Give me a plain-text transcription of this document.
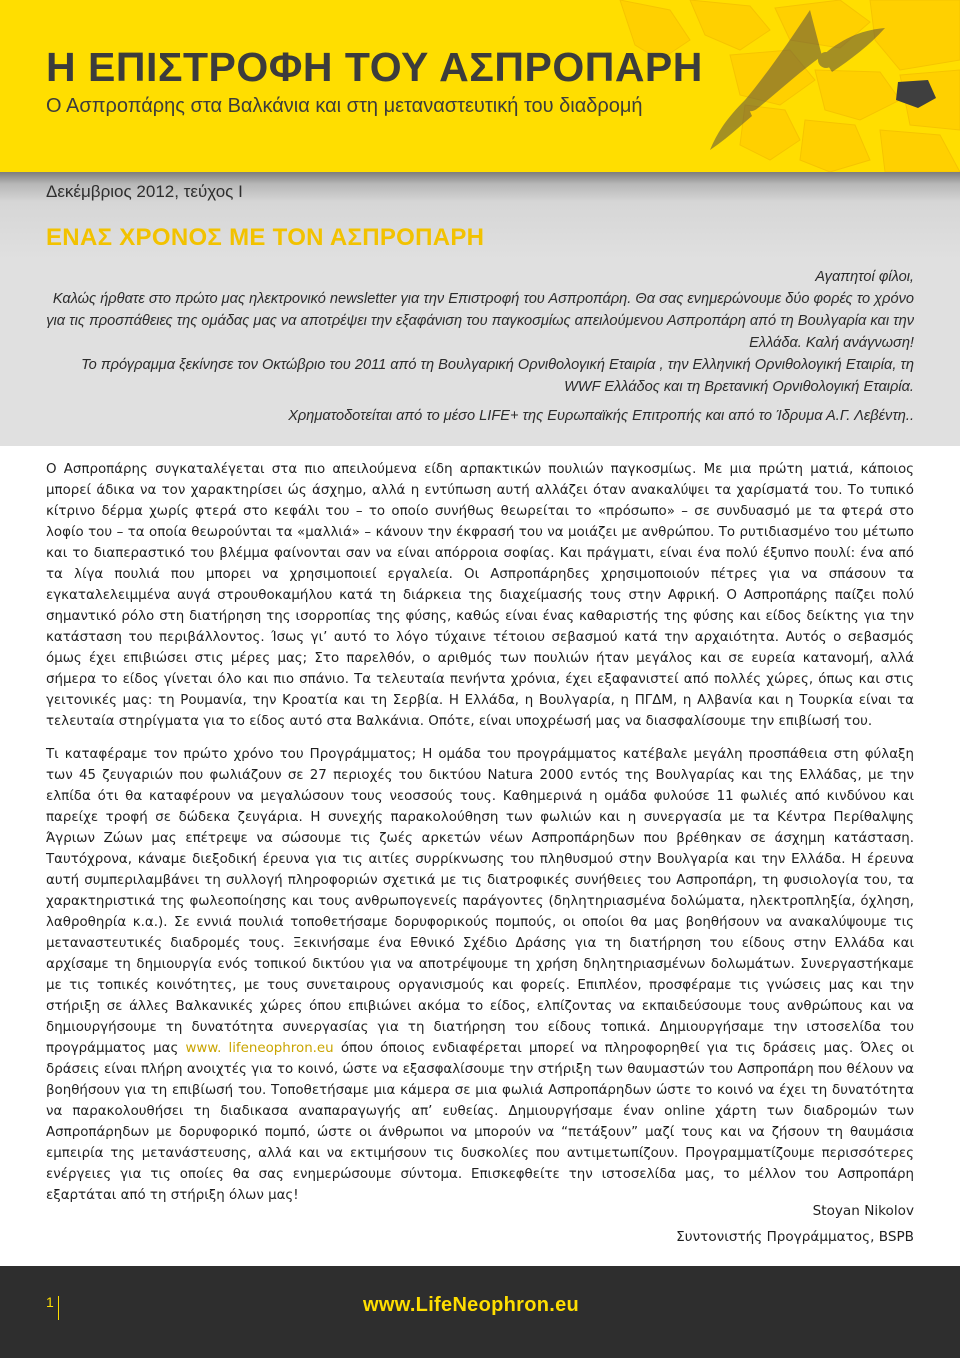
Η ΕΠΙΣΤΡΟΦΗ ΤΟΥ ΑΣΠΡΟΠΑΡΗ

Ο Ασπροπάρης στα Βαλκάνια και στη μεταναστευτική του διαδρομή

Δεκέμβριος 2012, τεύχος I

ΕΝΑΣ ΧΡΟΝΟΣ ΜΕ ΤΟΝ ΑΣΠΡΟΠΑΡΗ

Αγαπητοί φίλοι,

Καλώς ήρθατε στο πρώτο μας ηλεκτρονικό newsletter για την Επιστροφή του Ασπροπάρη. Θα σας ενημερώνουμε δύο φορές το χρόνο για τις προσπάθειες της ομάδας μας να αποτρέψει την εξαφάνιση του παγκοσμίως απειλούμενου Ασπροπάρη από τη Βουλγαρία και την Ελλάδα. Καλή ανάγνωση!

Το πρόγραμμα ξεκίνησε τον Οκτώβριο του 2011 από τη Βουλγαρική Ορνιθολογική Εταιρία , την Ελληνική Ορνιθολογική Εταιρία, τη WWF Ελλάδος και τη Βρετανική Ορνιθολογική Εταιρία.

Χρηματοδοτείται από το μέσο LIFE+ της Ευρωπαϊκής Επιτροπής και από το Ίδρυμα Α.Γ. Λεβέντη..

Ο Ασπροπάρης συγκαταλέγεται στα πιο απειλούμενα είδη αρπακτικών πουλιών παγκοσμίως. Με μια πρώτη ματιά, κάποιος μπορεί άδικα να τον χαρακτηρίσει ώς άσχημο, αλλά η εντύπωση αυτή αλλάζει όταν ανακαλύψει τα χαρίσματά του. Το τυπικό κίτρινο δέρμα χωρίς φτερά στο κεφάλι του – το οποίο συνήθως θεωρείται το «πρόσωπο» – σε συνδυασμό με τα φτερά στο λοφίο του – τα οποία θεωρούνται τα «μαλλιά» – κάνουν την έκφρασή του να μοιάζει με ανθρώπου. Το ρυτιδιασμένο του μέτωπο και το διαπεραστικό του βλέμμα φαίνονται σαν να είναι απόρροια σοφίας. Και πράγματι, είναι ένα πολύ έξυπνο πουλί: ένα από τα λίγα πουλιά που μπορει να χρησιμοποιεί εργαλεία. Οι Ασπροπάρηδες χρησιμοποιούν πέτρες για να σπάσουν τα εγκαταλελειμμένα αυγά στρουθοκαμήλου κατά τη διάρκεια της διαχείμασής τους στην Αφρική. Ο Ασπροπάρης παίζει πολύ σημαντικό ρόλο στη διατήρηση της ισορροπίας της φύσης, καθώς είναι ένας καθαριστής της φύσης και είδος δείκτης για την κατάσταση του περιβάλλοντος. Ίσως γι’ αυτό το λόγο τύχαινε τέτοιου σεβασμού κατά την αρχαιότητα. Αυτός ο σεβασμός όμως έχει επιβιώσει στις μέρες μας; Στο παρελθόν, ο αριθμός των πουλιών ήταν μεγάλος και σε ευρεία κατανομή, αλλά σήμερα το είδος γίνεται όλο και πιο σπάνιο. Τα τελευταία πενήντα χρόνια, έχει εξαφανιστεί από πολλές χώρες, όπως και στις γειτονικές μας: τη Ρουμανία, την Κροατία και τη Σερβία. Η Ελλάδα, η Βουλγαρία, η ΠΓΔΜ, η Αλβανία και η Τουρκία είναι τα τελευταία στηρίγματα για το είδος αυτό στα Βαλκάνια. Οπότε, είναι υποχρέωσή μας να διασφαλίσουμε την επιβίωσή του.

Τι καταφέραμε τον πρώτο χρόνο του Προγράμματος; Η ομάδα του προγράμματος κατέβαλε μεγάλη προσπάθεια στη φύλαξη των 45 ζευγαριών που φωλιάζουν σε 27 περιοχές του δικτύου Natura 2000 εντός της Βουλγαρίας και της Ελλάδας, με την ελπίδα ότι θα καταφέρουν να μεγαλώσουν τους νεοσσούς τους. Καθημερινά η ομάδα φυλούσε 11 φωλιές από κινδύνου και παρείχε τροφή σε δώδεκα ζευγάρια. Η συνεχής παρακολούθηση των φωλιών και η συνεργασία με τα Κέντρα Περίθαλψης Άγριων Ζώων μας επέτρεψε να σώσουμε τις ζωές αρκετών νέων Ασπροπάρηδων που βρέθηκαν σε άσχημη κατάσταση. Ταυτόχρονα, κάναμε διεξοδική έρευνα για τις αιτίες συρρίκνωσης του πληθυσμού στην Βουλγαρία και την Ελλάδα. Η έρευνα αυτή συμπεριλαμβάνει τη συλλογή πληροφοριών σχετικά με τις διατροφικές συνήθειες του Ασπροπάρη, τη φυσιολογία του, τα χαρακτηριστικά της φωλεοποίησης και τους ανθρωπογενείς παράγοντες (δηλητηριασμένα δολώματα, ηλεκτροπληξία, όχληση, λαθροθηρία κ.α.). Σε εννιά πουλιά τοποθετήσαμε δορυφορικούς πομπούς, οι οποίοι θα μας βοηθήσουν να ανακαλύψουμε τις μεταναστευτικές διαδρομές τους. Ξεκινήσαμε ένα Εθνικό Σχέδιο Δράσης για τη διατήρηση του είδους στην Ελλάδα και αρχίσαμε τη δημιουργία ενός τοπικού δικτύου για να αποτρέψουμε τη χρήση δηλητηριασμένων δολωμάτων. Συνεργαστήκαμε με τις τοπικές κοινότητες, με τους συνεταιρους οργανισμούς και φορείς. Επιπλέον, προσφέραμε τις γνώσεις μας και την στήριξη σε άλλες Βαλκανικές χώρες όπου επιβιώνει ακόμα το είδος, ελπίζοντας να εκπαιδεύσουμε τους ανθρώπους και να δημιουργήσουμε τη δυνατότητα συνεργασίας για τη διατήρηση του είδους τοπικά. Δημιουργήσαμε την ιστοσελίδα του προγράμματος μας www. lifeneophron.eu όπου όποιος ενδιαφέρεται μπορεί να πληροφορηθεί για τις δράσεις μας. Όλες οι δράσεις είναι πλήρη ανοιχτές για το κοινό, ώστε να εξασφαλίσουμε την στήριξη των θαυμαστών του Ασπροπάρη που θέλουν να βοηθήσουν για τη επιβίωσή του. Τοποθετήσαμε μια κάμερα σε μια φωλιά Ασπροπάρηδων ώστε το κοινό να έχει τη δυνατότητα να παρακολουθήσει τη διαδικασα αναπαραγωγής απ’ ευθείας. Δημιουργήσαμε έναν online χάρτη των διαδρομών των Ασπροπάρηδων με δορυφορικό πομπό, ώστε οι άνθρωποι να μπορούν να “πετάξουν” μαζί τους και να ζήσουν τη θαυμάσια εμπειρία της μετανάστευσης, αλλά και να εκτιμήσουν τις δυσκολίες που αντιμετωπίζουν. Προγραμματίζουμε περισσότερες ενέργειες για τις οποίες θα σας ενημερώσουμε σύντομα. Επισκεφθείτε την ιστοσελίδα μας, το μέλλον του Ασπροπάρη εξαρτάται από τη στήριξη όλων μας!

Stoyan Nikolov
Συντονιστής Προγράμματος, BSPB
1	www.LifeNeophron.eu
